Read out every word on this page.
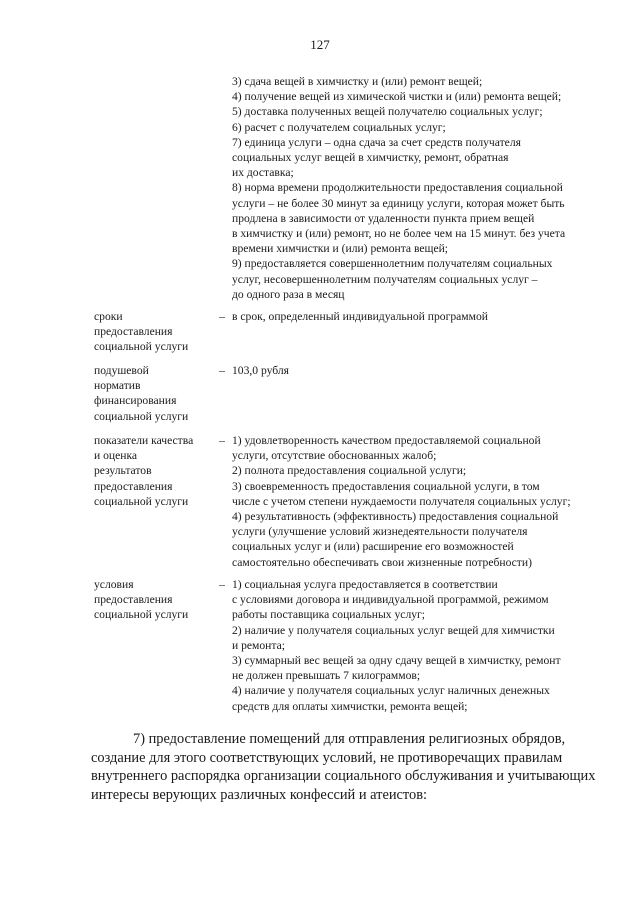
127
3) сдача вещей в химчистку и (или) ремонт вещей;
4) получение вещей из химической чистки и (или) ремонта вещей;
5) доставка полученных вещей получателю социальных услуг;
6) расчет с получателем социальных услуг;
7) единица услуги – одна сдача за счет средств получателя
социальных услуг вещей в химчистку, ремонт, обратная
их доставка;
8) норма времени продолжительности предоставления социальной
услуги – не более 30 минут за единицу услуги, которая может быть
продлена в зависимости от удаленности пункта прием вещей
в химчистку и (или) ремонт, но не более чем на 15 минут. без учета
времени химчистки и (или) ремонта вещей;
9) предоставляется совершеннолетним получателям социальных
услуг, несовершеннолетним получателям социальных услуг –
до одного раза в месяц
сроки
предоставления
социальной услуги
– в срок, определенный индивидуальной программой
подушевой
норматив
финансирования
социальной услуги
– 103,0 рубля
показатели качества
и оценка
результатов
предоставления
социальной услуги
– 1) удовлетворенность качеством предоставляемой социальной
услуги, отсутствие обоснованных жалоб;
2) полнота предоставления социальной услуги;
3) своевременность предоставления социальной услуги, в том
числе с учетом степени нуждаемости получателя социальных услуг;
4) результативность (эффективность) предоставления социальной
услуги (улучшение условий жизнедеятельности получателя
социальных услуг и (или) расширение его возможностей
самостоятельно обеспечивать свои жизненные потребности)
условия
предоставления
социальной услуги
– 1) социальная услуга предоставляется в соответствии
с условиями договора и индивидуальной программой, режимом
работы поставщика социальных услуг;
2) наличие у получателя социальных услуг вещей для химчистки
и ремонта;
3) суммарный вес вещей за одну сдачу вещей в химчистку, ремонт
не должен превышать 7 килограммов;
4) наличие у получателя социальных услуг наличных денежных
средств для оплаты химчистки, ремонта вещей;
7) предоставление помещений для отправления религиозных обрядов,
создание для этого соответствующих условий, не противоречащих правилам
внутреннего распорядка организации социального обслуживания и учитывающих
интересы верующих различных конфессий и атеистов:
